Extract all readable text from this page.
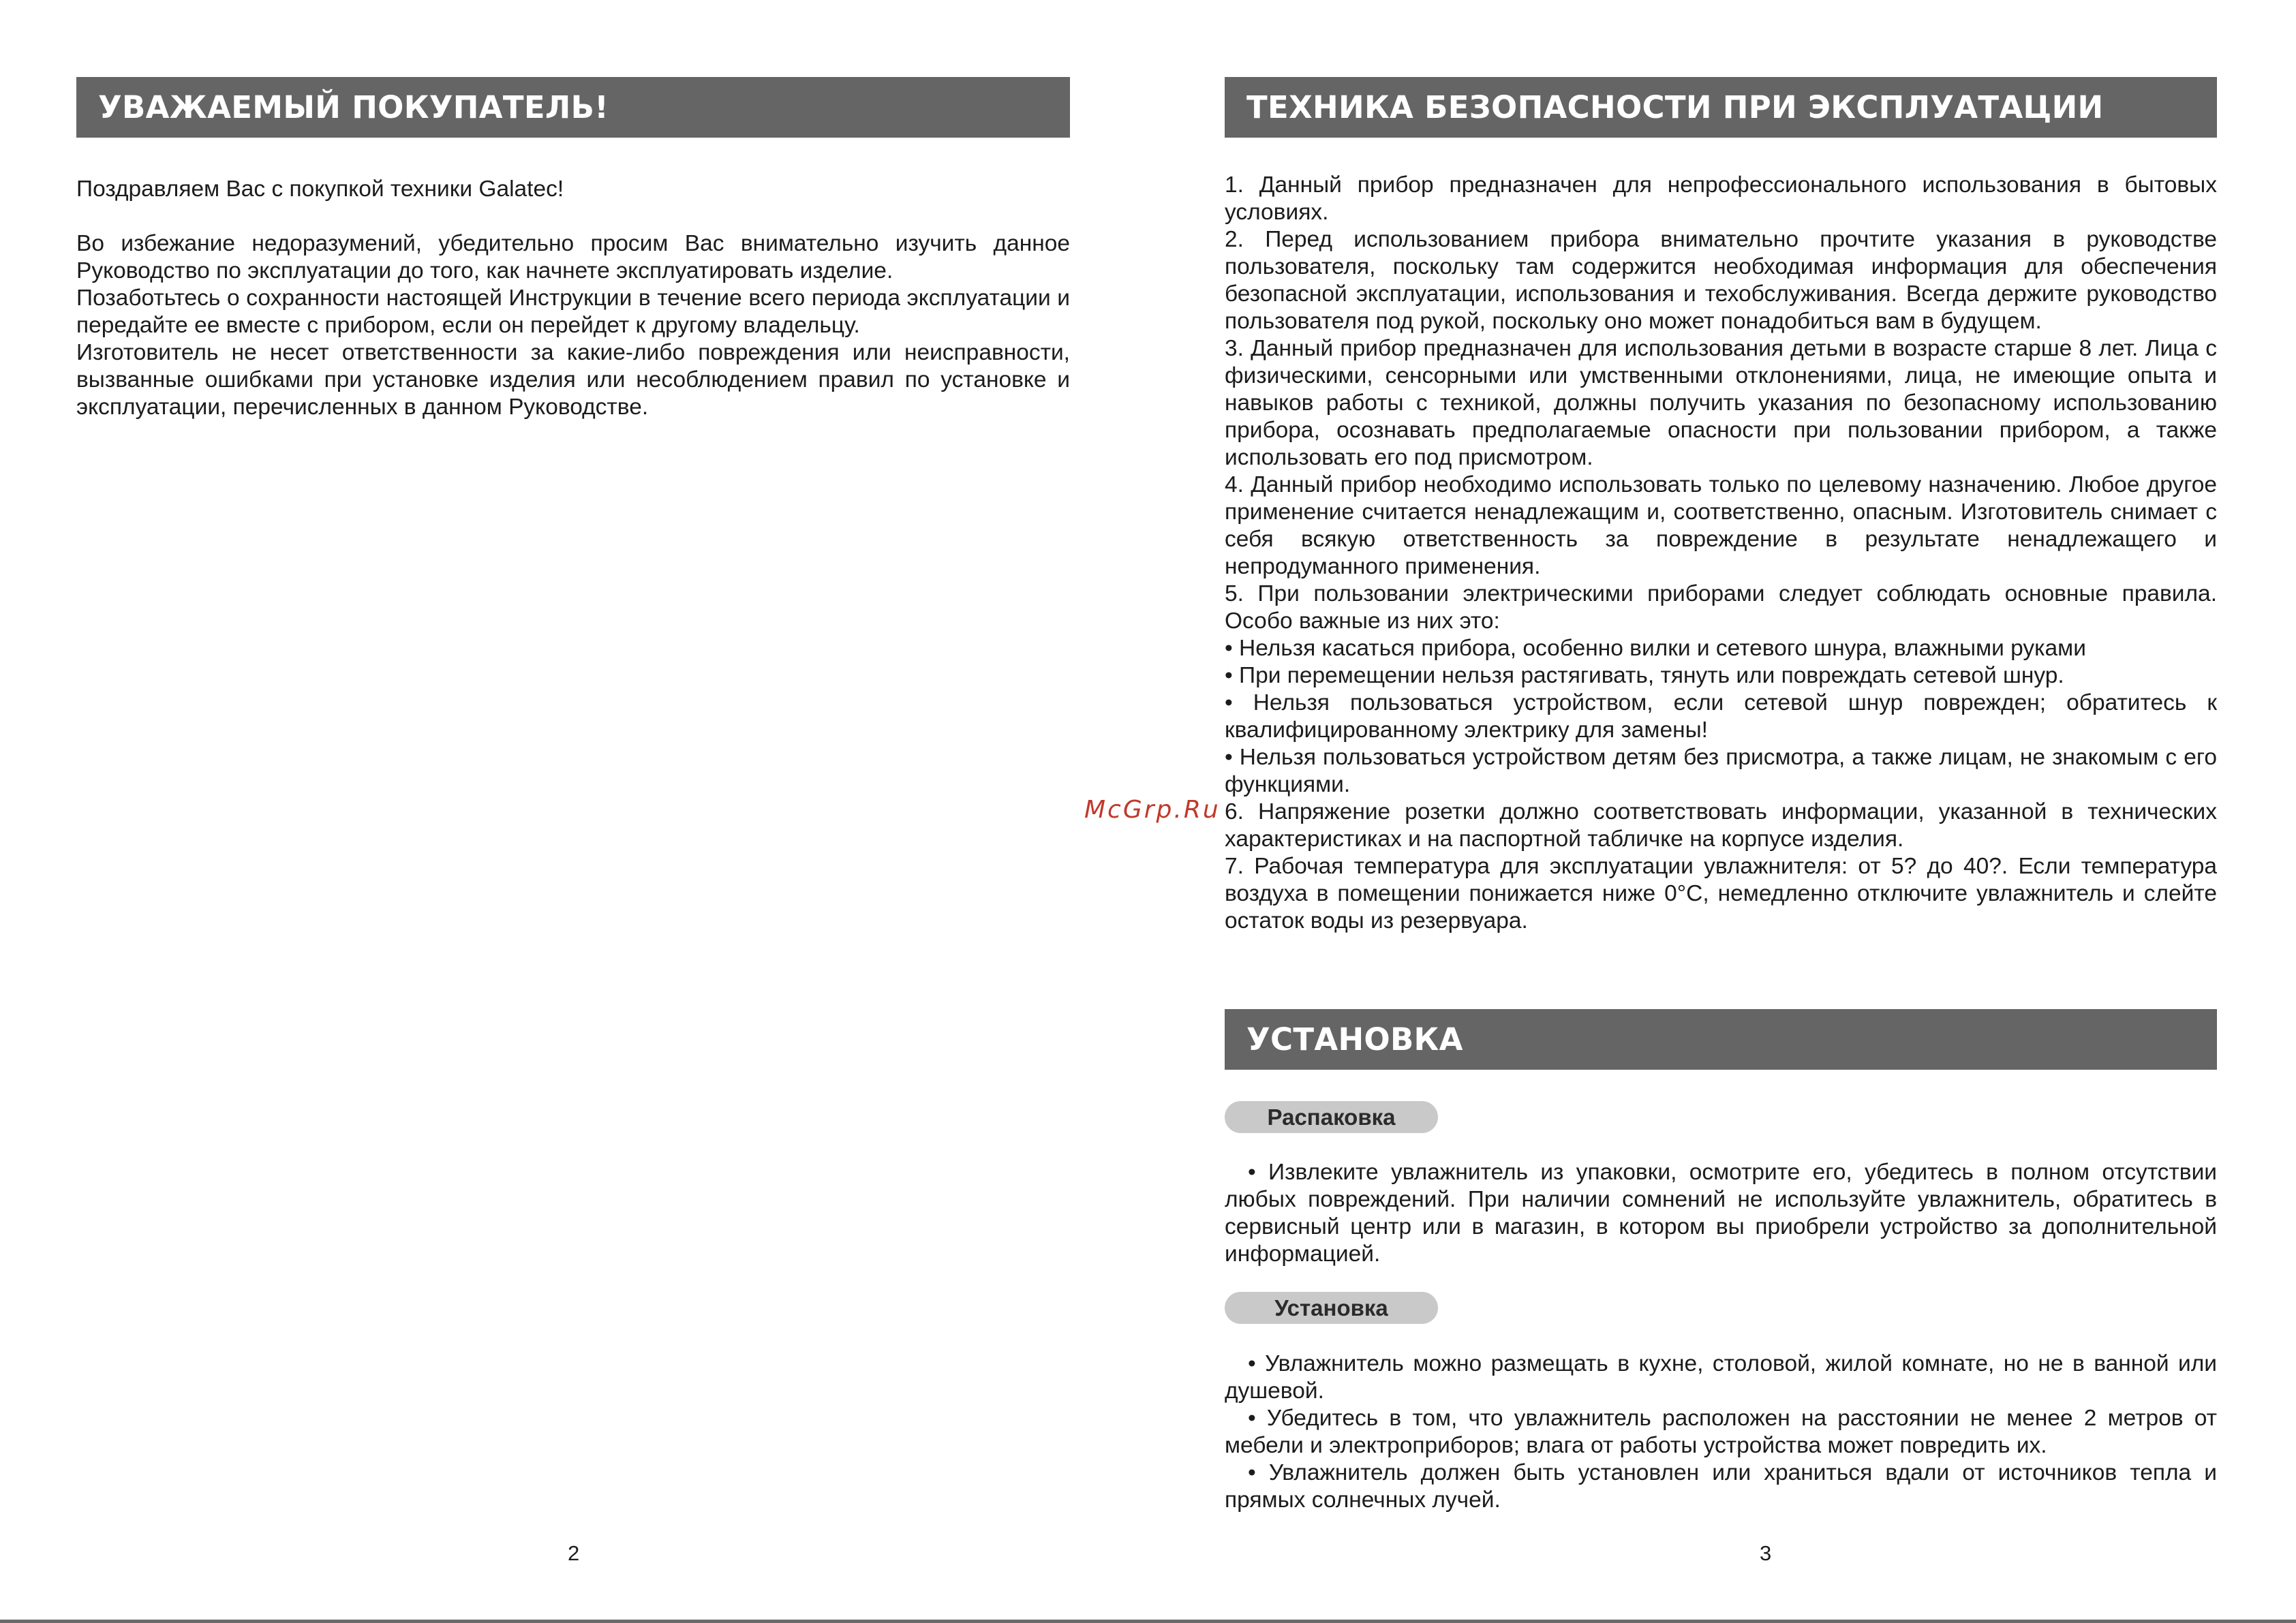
УВАЖАЕМЫЙ ПОКУПАТЕЛЬ!

Поздравляем Вас с покупкой техники Galatec!

Во избежание недоразумений, убедительно просим Вас внимательно изучить данное Руководство по эксплуатации до того, как начнете эксплуатировать изделие.

Позаботьтесь о сохранности настоящей Инструкции в течение всего периода эксплуатации и передайте ее вместе с прибором, если он перейдет к другому владельцу.

Изготовитель не несет ответственности за какие-либо повреждения или неисправности, вызванные ошибками при установке изделия или несоблюдением правил по установке и эксплуатации, перечисленных в данном Руководстве.

2
McGrp.Ru
ТЕХНИКА БЕЗОПАСНОСТИ ПРИ ЭКСПЛУАТАЦИИ

1. Данный прибор предназначен для непрофессионального использования в бытовых условиях.

2. Перед использованием прибора внимательно прочтите указания в руководстве пользователя, поскольку там содержится необходимая информация для обеспечения безопасной эксплуатации, использования и техобслуживания. Всегда держите руководство пользователя под рукой, поскольку оно может понадобиться вам в будущем.

3. Данный прибор предназначен для использования детьми в возрасте старше 8 лет. Лица с физическими, сенсорными или умственными отклонениями, лица, не имеющие опыта и навыков работы с техникой, должны получить указания по безопасному использованию прибора, осознавать предполагаемые опасности при пользовании прибором, а также использовать его под присмотром.

4. Данный прибор необходимо использовать только по целевому назначению. Любое другое применение считается ненадлежащим и, соответственно, опасным. Изготовитель снимает с себя всякую ответственность за повреждение в результате ненадлежащего и непродуманного применения.

5. При пользовании электрическими приборами следует соблюдать основные правила. Особо важные из них это:

• Нельзя касаться прибора, особенно вилки и сетевого шнура, влажными руками

• При перемещении нельзя растягивать, тянуть или повреждать сетевой шнур.

• Нельзя пользоваться устройством, если сетевой шнур поврежден; обратитесь к квалифицированному электрику для замены!

• Нельзя пользоваться устройством детям без присмотра, а также лицам, не знакомым с его функциями.

6. Напряжение розетки должно соответствовать информации, указанной в технических характеристиках и на паспортной табличке на корпусе изделия.

7. Рабочая температура для эксплуатации увлажнителя: от 5? до 40?. Если температура воздуха в помещении понижается ниже 0°С, немедленно отключите увлажнитель и слейте остаток воды из резервуара.

УСТАНОВКА
Распаковка

• Извлеките увлажнитель из упаковки, осмотрите его, убедитесь в полном отсутствии любых повреждений. При наличии сомнений не используйте увлажнитель, обратитесь в сервисный центр или в магазин, в котором вы приобрели устройство за дополнительной информацией.

Установка

• Увлажнитель можно размещать в кухне, столовой, жилой комнате, но не в ванной или душевой.

• Убедитесь в том, что увлажнитель расположен на расстоянии не менее 2 метров от мебели и электроприборов; влага от работы устройства может повредить их.

• Увлажнитель должен быть установлен или храниться вдали от источников тепла и прямых солнечных лучей.

3
